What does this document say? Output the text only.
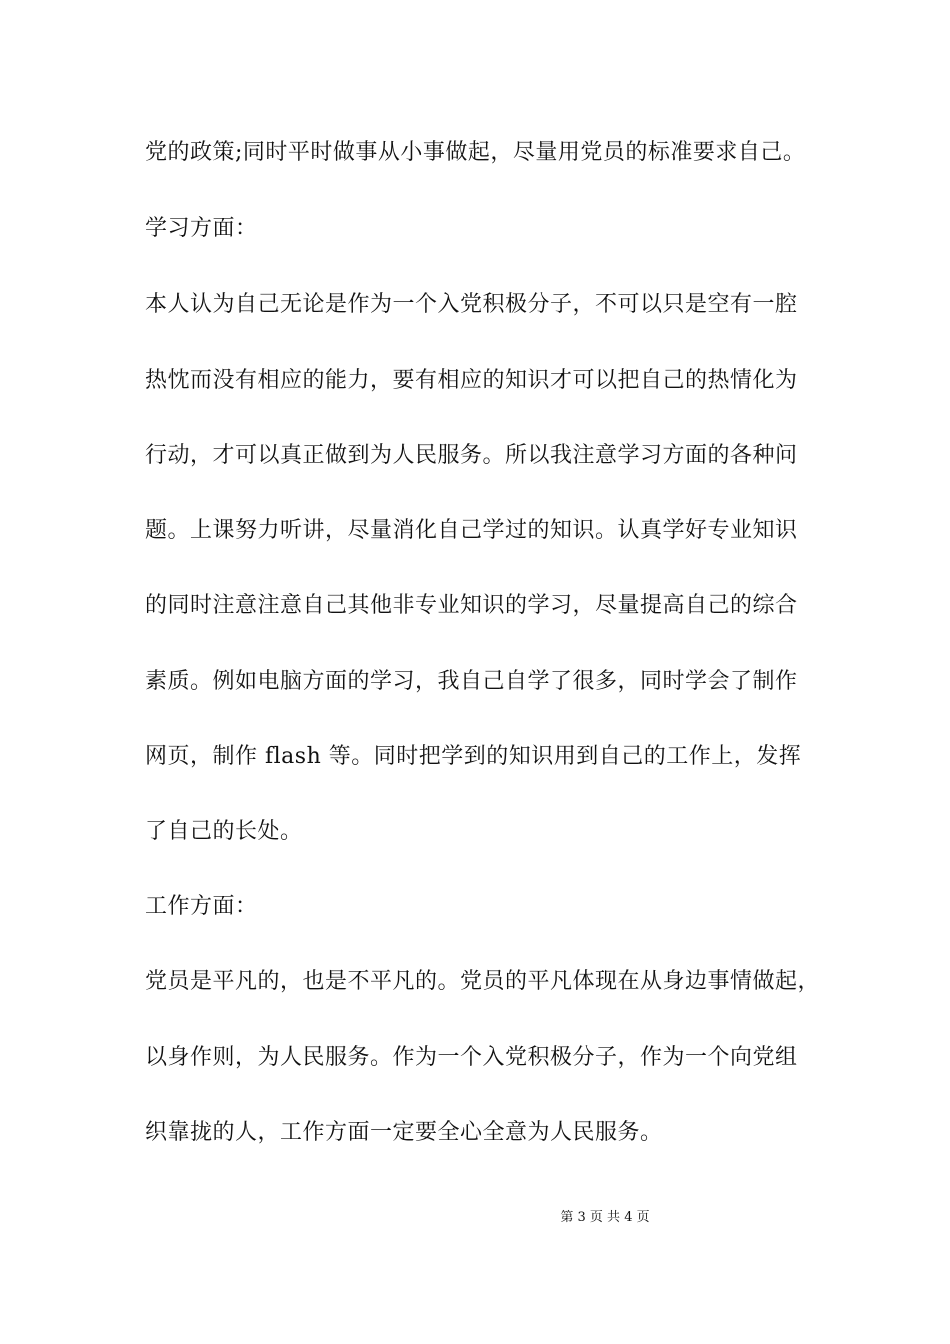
党的政策;同时平时做事从小事做起，尽量用党员的标准要求自己。
学习方面：
本人认为自己无论是作为一个入党积极分子，不可以只是空有一腔
热忱而没有相应的能力，要有相应的知识才可以把自己的热情化为
行动，才可以真正做到为人民服务。所以我注意学习方面的各种问
题。上课努力听讲，尽量消化自己学过的知识。认真学好专业知识
的同时注意注意自己其他非专业知识的学习，尽量提高自己的综合
素质。例如电脑方面的学习，我自己自学了很多，同时学会了制作
网页，制作 flash 等。同时把学到的知识用到自己的工作上，发挥
了自己的长处。
工作方面：
党员是平凡的，也是不平凡的。党员的平凡体现在从身边事情做起，
以身作则，为人民服务。作为一个入党积极分子，作为一个向党组
织靠拢的人，工作方面一定要全心全意为人民服务。
第 3 页 共 4 页
